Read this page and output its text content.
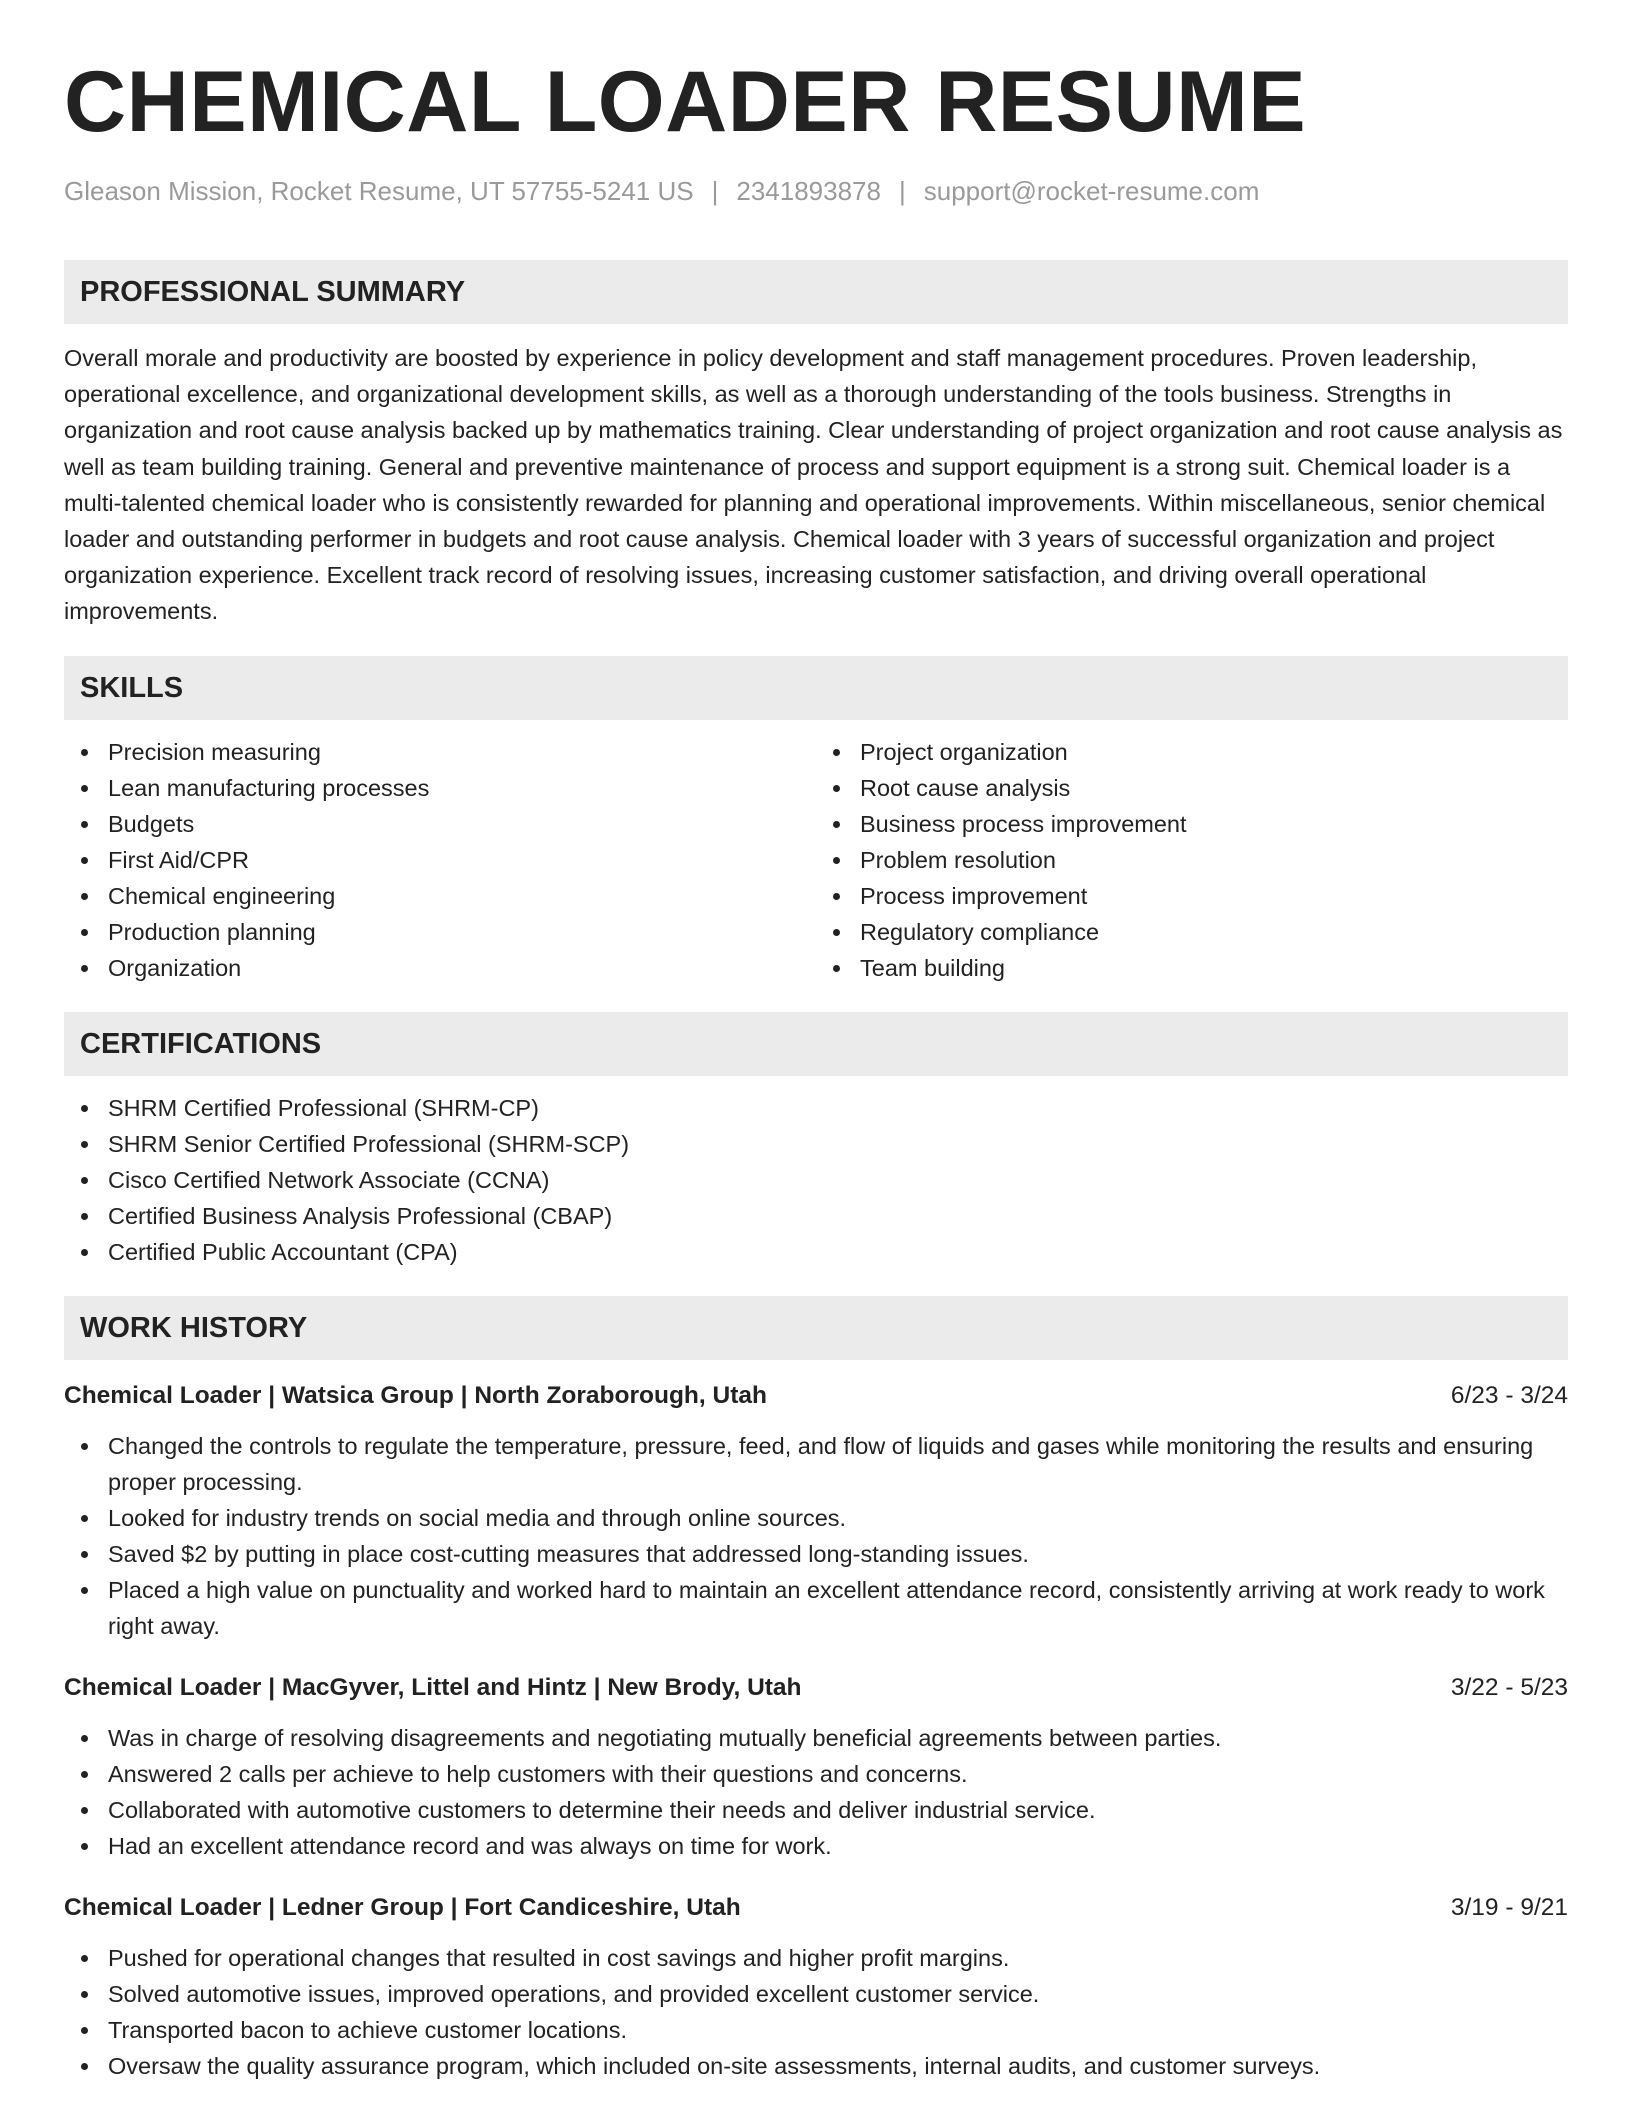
CHEMICAL LOADER RESUME
Gleason Mission, Rocket Resume, UT 57755-5241 US | 2341893878 | support@rocket-resume.com
PROFESSIONAL SUMMARY

Overall morale and productivity are boosted by experience in policy development and staff management procedures. Proven leadership, operational excellence, and organizational development skills, as well as a thorough understanding of the tools business. Strengths in organization and root cause analysis backed up by mathematics training. Clear understanding of project organization and root cause analysis as well as team building training. General and preventive maintenance of process and support equipment is a strong suit. Chemical loader is a multi-talented chemical loader who is consistently rewarded for planning and operational improvements. Within miscellaneous, senior chemical loader and outstanding performer in budgets and root cause analysis. Chemical loader with 3 years of successful organization and project organization experience. Excellent track record of resolving issues, increasing customer satisfaction, and driving overall operational improvements.

SKILLS
Precision measuring
Lean manufacturing processes
Budgets
First Aid/CPR
Chemical engineering
Production planning
Organization
Project organization
Root cause analysis
Business process improvement
Problem resolution
Process improvement
Regulatory compliance
Team building
CERTIFICATIONS
SHRM Certified Professional (SHRM-CP)
SHRM Senior Certified Professional (SHRM-SCP)
Cisco Certified Network Associate (CCNA)
Certified Business Analysis Professional (CBAP)
Certified Public Accountant (CPA)
WORK HISTORY
Chemical Loader | Watsica Group | North Zoraborough, Utah	6/23 - 3/24
Changed the controls to regulate the temperature, pressure, feed, and flow of liquids and gases while monitoring the results and ensuring proper processing.
Looked for industry trends on social media and through online sources.
Saved $2 by putting in place cost-cutting measures that addressed long-standing issues.
Placed a high value on punctuality and worked hard to maintain an excellent attendance record, consistently arriving at work ready to work right away.
Chemical Loader | MacGyver, Littel and Hintz | New Brody, Utah	3/22 - 5/23
Was in charge of resolving disagreements and negotiating mutually beneficial agreements between parties.
Answered 2 calls per achieve to help customers with their questions and concerns.
Collaborated with automotive customers to determine their needs and deliver industrial service.
Had an excellent attendance record and was always on time for work.
Chemical Loader | Ledner Group | Fort Candiceshire, Utah	3/19 - 9/21
Pushed for operational changes that resulted in cost savings and higher profit margins.
Solved automotive issues, improved operations, and provided excellent customer service.
Transported bacon to achieve customer locations.
Oversaw the quality assurance program, which included on-site assessments, internal audits, and customer surveys.
